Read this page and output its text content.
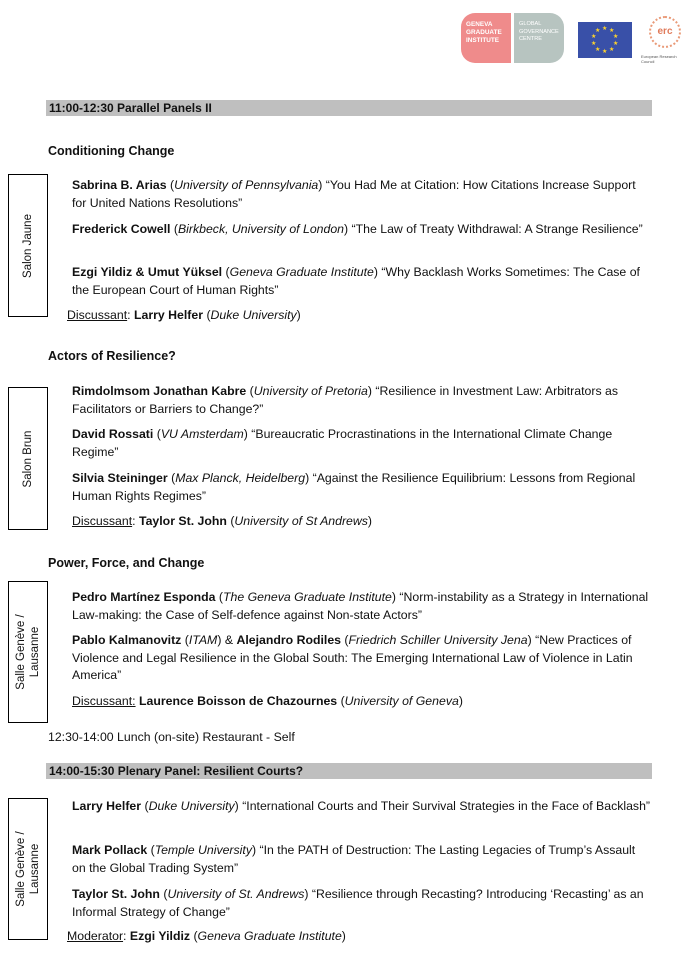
GENEVA
GRADUATE
INSTITUTE
GLOBAL
GOVERNANCE
CENTRE
★ ★
★
★
★
★
★
★
★
★	erc
European Research Council
11:00-12:30 Parallel Panels II
Conditioning Change
Salon Jaune
Sabrina B. Arias (University of Pennsylvania) “You Had Me at Citation: How Citations Increase Support for United Nations Resolutions”
Frederick Cowell (Birkbeck, University of London) “The Law of Treaty Withdrawal: A Strange Resilience”
Ezgi Yildiz & Umut Yüksel (Geneva Graduate Institute) “Why Backlash Works Sometimes: The Case of the European Court of Human Rights”
Discussant: Larry Helfer (Duke University)
Actors of Resilience?
Salon Brun
Rimdolmsom Jonathan Kabre (University of Pretoria) “Resilience in Investment Law: Arbitrators as Facilitators or Barriers to Change?”
David Rossati (VU Amsterdam) “Bureaucratic Procrastinations in the International Climate Change Regime”
Silvia Steininger (Max Planck, Heidelberg) “Against the Resilience Equilibrium: Lessons from Regional Human Rights Regimes”
Discussant: Taylor St. John (University of St Andrews)
Power, Force, and Change
Salle Genève / Lausanne
Pedro Martínez Esponda (The Geneva Graduate Institute) “Norm-instability as a Strategy in International Law-making: the Case of Self-defence against Non-state Actors”
Pablo Kalmanovitz (ITAM) & Alejandro Rodiles (Friedrich Schiller University Jena) “New Practices of Violence and Legal Resilience in the Global South: The Emerging International Law of Violence in Latin America”
Discussant: Laurence Boisson de Chazournes (University of Geneva)
12:30-14:00 Lunch (on-site) Restaurant - Self
14:00-15:30 Plenary Panel: Resilient Courts?
Salle Genève / Lausanne
Larry Helfer (Duke University) “International Courts and Their Survival Strategies in the Face of Backlash”
Mark Pollack (Temple University) “In the PATH of Destruction: The Lasting Legacies of Trump’s Assault on the Global Trading System”
Taylor St. John (University of St. Andrews) “Resilience through Recasting? Introducing ‘Recasting’ as an Informal Strategy of Change”
Moderator: Ezgi Yildiz (Geneva Graduate Institute)
